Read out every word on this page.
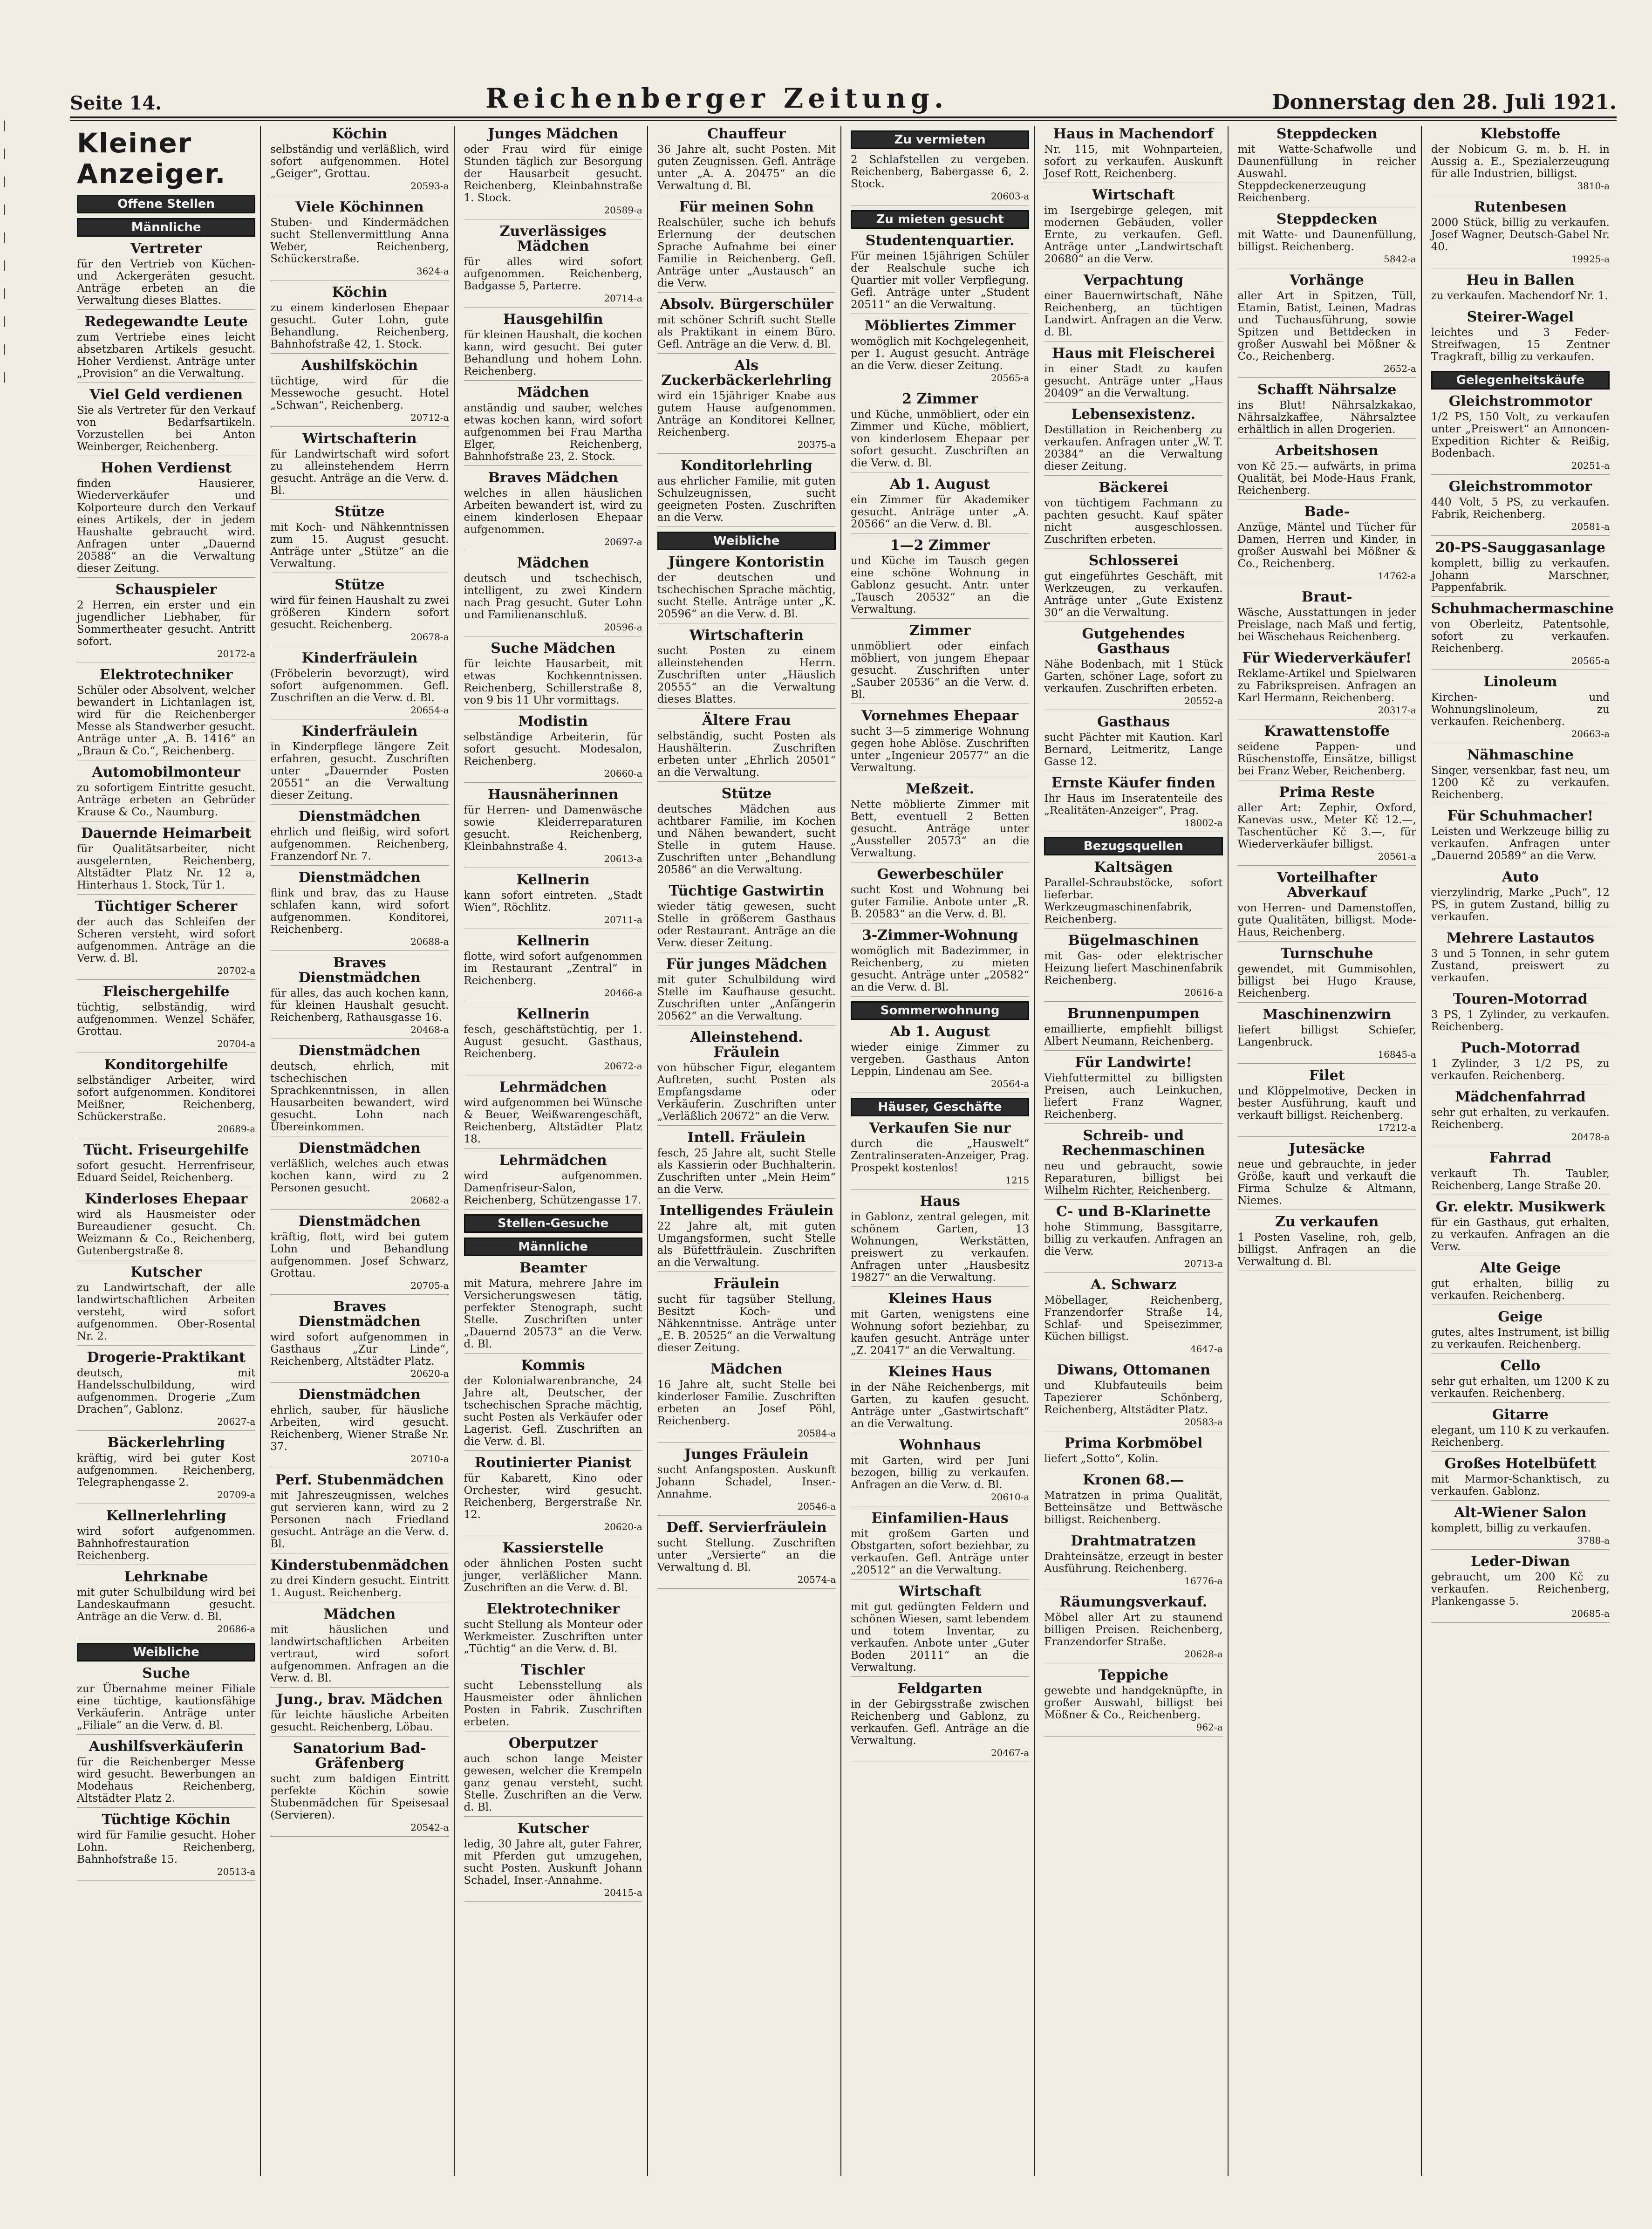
|
|
|
|
|
|
|
|
|
|
Seite 14.	Reichenberger Zeitung.	Donnerstag den 28. Juli 1921.
Kleiner Anzeiger.
Offene Stellen
Männliche
Vertreter

für den Vertrieb von Küchen- und Ackergeräten gesucht. Anträge erbeten an die Verwaltung dieses Blattes.

Redegewandte Leute

zum Vertriebe eines leicht absetzbaren Artikels gesucht. Hoher Verdienst. Anträge unter „Provision“ an die Verwaltung.

Viel Geld verdienen

Sie als Vertreter für den Verkauf von Bedarfsartikeln. Vorzustellen bei Anton Weinberger, Reichenberg.

Hohen Verdienst

finden Hausierer, Wiederverkäufer und Kolporteure durch den Verkauf eines Artikels, der in jedem Haushalte gebraucht wird. Anfragen unter „Dauernd 20588“ an die Verwaltung dieser Zeitung.

Schauspieler

2 Herren, ein erster und ein jugendlicher Liebhaber, für Sommertheater gesucht. Antritt sofort.

20172-a
Elektrotechniker

Schüler oder Absolvent, welcher bewandert in Lichtanlagen ist, wird für die Reichenberger Messe als Standwerber gesucht. Anträge unter „A. B. 1416“ an „Braun & Co.“, Reichenberg.

Automobilmonteur

zu sofortigem Eintritte gesucht. Anträge erbeten an Gebrüder Krause & Co., Naumburg.

Dauernde Heimarbeit

für Qualitätsarbeiter, nicht ausgelernten, Reichenberg, Altstädter Platz Nr. 12 a, Hinterhaus 1. Stock, Tür 1.

Tüchtiger Scherer

der auch das Schleifen der Scheren versteht, wird sofort aufgenommen. Anträge an die Verw. d. Bl.

20702-a
Fleischergehilfe

tüchtig, selbständig, wird aufgenommen. Wenzel Schäfer, Grottau.

20704-a
Konditorgehilfe

selbständiger Arbeiter, wird sofort aufgenommen. Konditorei Meißner, Reichenberg, Schückerstraße.

20689-a
Tücht. Friseurgehilfe

sofort gesucht. Herrenfriseur, Eduard Seidel, Reichenberg.

Kinderloses Ehepaar

wird als Hausmeister oder Bureaudiener gesucht. Ch. Weizmann & Co., Reichenberg, Gutenbergstraße 8.

Kutscher

zu Landwirtschaft, der alle landwirtschaftlichen Arbeiten versteht, wird sofort aufgenommen. Ober-Rosental Nr. 2.

Drogerie-Praktikant

deutsch, mit Handelsschulbildung, wird aufgenommen. Drogerie „Zum Drachen“, Gablonz.

20627-a
Bäckerlehrling

kräftig, wird bei guter Kost aufgenommen. Reichenberg, Telegraphengasse 2.

20709-a
Kellnerlehrling

wird sofort aufgenommen. Bahnhofrestauration Reichenberg.

Lehrknabe

mit guter Schulbildung wird bei Landeskaufmann gesucht. Anträge an die Verw. d. Bl.

20686-a
Weibliche
Suche

zur Übernahme meiner Filiale eine tüchtige, kautionsfähige Verkäuferin. Anträge unter „Filiale“ an die Verw. d. Bl.

Aushilfsverkäuferin

für die Reichenberger Messe wird gesucht. Bewerbungen an Modehaus Reichenberg, Altstädter Platz 2.

Tüchtige Köchin

wird für Familie gesucht. Hoher Lohn. Reichenberg, Bahnhofstraße 15.

20513-a
Köchin

selbständig und verläßlich, wird sofort aufgenommen. Hotel „Geiger“, Grottau.

20593-a
Viele Köchinnen

Stuben- und Kindermädchen sucht Stellenvermittlung Anna Weber, Reichenberg, Schückerstraße.

3624-a
Köchin

zu einem kinderlosen Ehepaar gesucht. Guter Lohn, gute Behandlung. Reichenberg, Bahnhofstraße 42, 1. Stock.

Aushilfsköchin

tüchtige, wird für die Messewoche gesucht. Hotel „Schwan“, Reichenberg.

20712-a
Wirtschafterin

für Landwirtschaft wird sofort zu alleinstehendem Herrn gesucht. Anträge an die Verw. d. Bl.

Stütze

mit Koch- und Nähkenntnissen zum 15. August gesucht. Anträge unter „Stütze“ an die Verwaltung.

Stütze

wird für feinen Haushalt zu zwei größeren Kindern sofort gesucht. Reichenberg.

20678-a
Kinderfräulein

(Fröbelerin bevorzugt), wird sofort aufgenommen. Gefl. Zuschriften an die Verw. d. Bl.

20654-a
Kinderfräulein

in Kinderpflege längere Zeit erfahren, gesucht. Zuschriften unter „Dauernder Posten 20551“ an die Verwaltung dieser Zeitung.

Dienstmädchen

ehrlich und fleißig, wird sofort aufgenommen. Reichenberg, Franzendorf Nr. 7.

Dienstmädchen

flink und brav, das zu Hause schlafen kann, wird sofort aufgenommen. Konditorei, Reichenberg.

20688-a
Braves Dienstmädchen

für alles, das auch kochen kann, für kleinen Haushalt gesucht. Reichenberg, Rathausgasse 16.

20468-a
Dienstmädchen

deutsch, ehrlich, mit tschechischen Sprachkenntnissen, in allen Hausarbeiten bewandert, wird gesucht. Lohn nach Übereinkommen.

Dienstmädchen

verläßlich, welches auch etwas kochen kann, wird zu 2 Personen gesucht.

20682-a
Dienstmädchen

kräftig, flott, wird bei gutem Lohn und Behandlung aufgenommen. Josef Schwarz, Grottau.

20705-a
Braves Dienstmädchen

wird sofort aufgenommen in Gasthaus „Zur Linde“, Reichenberg, Altstädter Platz.

20620-a
Dienstmädchen

ehrlich, sauber, für häusliche Arbeiten, wird gesucht. Reichenberg, Wiener Straße Nr. 37.

20710-a
Perf. Stubenmädchen

mit Jahreszeugnissen, welches gut servieren kann, wird zu 2 Personen nach Friedland gesucht. Anträge an die Verw. d. Bl.

Kinderstubenmädchen

zu drei Kindern gesucht. Eintritt 1. August. Reichenberg.

Mädchen

mit häuslichen und landwirtschaftlichen Arbeiten vertraut, wird sofort aufgenommen. Anfragen an die Verw. d. Bl.

Jung., brav. Mädchen

für leichte häusliche Arbeiten gesucht. Reichenberg, Löbau.

Sanatorium Bad-Gräfenberg

sucht zum baldigen Eintritt perfekte Köchin sowie Stubenmädchen für Speisesaal (Servieren).

20542-a
Junges Mädchen

oder Frau wird für einige Stunden täglich zur Besorgung der Hausarbeit gesucht. Reichenberg, Kleinbahnstraße 1. Stock.

20589-a
Zuverlässiges Mädchen

für alles wird sofort aufgenommen. Reichenberg, Badgasse 5, Parterre.

20714-a
Hausgehilfin

für kleinen Haushalt, die kochen kann, wird gesucht. Bei guter Behandlung und hohem Lohn. Reichenberg.

Mädchen

anständig und sauber, welches etwas kochen kann, wird sofort aufgenommen bei Frau Martha Elger, Reichenberg, Bahnhofstraße 23, 2. Stock.

Braves Mädchen

welches in allen häuslichen Arbeiten bewandert ist, wird zu einem kinderlosen Ehepaar aufgenommen.

20697-a
Mädchen

deutsch und tschechisch, intelligent, zu zwei Kindern nach Prag gesucht. Guter Lohn und Familienanschluß.

20596-a
Suche Mädchen

für leichte Hausarbeit, mit etwas Kochkenntnissen. Reichenberg, Schillerstraße 8, von 9 bis 11 Uhr vormittags.

Modistin

selbständige Arbeiterin, für sofort gesucht. Modesalon, Reichenberg.

20660-a
Hausnäherinnen

für Herren- und Damenwäsche sowie Kleiderreparaturen gesucht. Reichenberg, Kleinbahnstraße 4.

20613-a
Kellnerin

kann sofort eintreten. „Stadt Wien“, Röchlitz.

20711-a
Kellnerin

flotte, wird sofort aufgenommen im Restaurant „Zentral“ in Reichenberg.

20466-a
Kellnerin

fesch, geschäftstüchtig, per 1. August gesucht. Gasthaus, Reichenberg.

20672-a
Lehrmädchen

wird aufgenommen bei Wünsche & Beuer, Weißwarengeschäft, Reichenberg, Altstädter Platz 18.

Lehrmädchen

wird aufgenommen. Damenfriseur-Salon, Reichenberg, Schützengasse 17.

Stellen-Gesuche
Männliche
Beamter

mit Matura, mehrere Jahre im Versicherungswesen tätig, perfekter Stenograph, sucht Stelle. Zuschriften unter „Dauernd 20573“ an die Verw. d. Bl.

Kommis

der Kolonialwarenbranche, 24 Jahre alt, Deutscher, der tschechischen Sprache mächtig, sucht Posten als Verkäufer oder Lagerist. Gefl. Zuschriften an die Verw. d. Bl.

Routinierter Pianist

für Kabarett, Kino oder Orchester, wird gesucht. Reichenberg, Bergerstraße Nr. 12.

20620-a
Kassierstelle

oder ähnlichen Posten sucht junger, verläßlicher Mann. Zuschriften an die Verw. d. Bl.

Elektrotechniker

sucht Stellung als Monteur oder Werkmeister. Zuschriften unter „Tüchtig“ an die Verw. d. Bl.

Tischler

sucht Lebensstellung als Hausmeister oder ähnlichen Posten in Fabrik. Zuschriften erbeten.

Oberputzer

auch schon lange Meister gewesen, welcher die Krempeln ganz genau versteht, sucht Stelle. Zuschriften an die Verw. d. Bl.

Kutscher

ledig, 30 Jahre alt, guter Fahrer, mit Pferden gut umzugehen, sucht Posten. Auskunft Johann Schadel, Inser.-Annahme.

20415-a
Chauffeur

36 Jahre alt, sucht Posten. Mit guten Zeugnissen. Gefl. Anträge unter „A. A. 20475“ an die Verwaltung d. Bl.

Für meinen Sohn

Realschüler, suche ich behufs Erlernung der deutschen Sprache Aufnahme bei einer Familie in Reichenberg. Gefl. Anträge unter „Austausch“ an die Verw.

Absolv. Bürgerschüler

mit schöner Schrift sucht Stelle als Praktikant in einem Büro. Gefl. Anträge an die Verw. d. Bl.

Als Zuckerbäckerlehrling

wird ein 15jähriger Knabe aus gutem Hause aufgenommen. Anträge an Konditorei Kellner, Reichenberg.

20375-a
Konditorlehrling

aus ehrlicher Familie, mit guten Schulzeugnissen, sucht geeigneten Posten. Zuschriften an die Verw.

Weibliche
Jüngere Kontoristin

der deutschen und tschechischen Sprache mächtig, sucht Stelle. Anträge unter „K. 20596“ an die Verw. d. Bl.

Wirtschafterin

sucht Posten zu einem alleinstehenden Herrn. Zuschriften unter „Häuslich 20555“ an die Verwaltung dieses Blattes.

Ältere Frau

selbständig, sucht Posten als Haushälterin. Zuschriften erbeten unter „Ehrlich 20501“ an die Verwaltung.

Stütze

deutsches Mädchen aus achtbarer Familie, im Kochen und Nähen bewandert, sucht Stelle in gutem Hause. Zuschriften unter „Behandlung 20586“ an die Verwaltung.

Tüchtige Gastwirtin

wieder tätig gewesen, sucht Stelle in größerem Gasthaus oder Restaurant. Anträge an die Verw. dieser Zeitung.

Für junges Mädchen

mit guter Schulbildung wird Stelle im Kaufhause gesucht. Zuschriften unter „Anfängerin 20562“ an die Verwaltung.

Alleinstehend. Fräulein

von hübscher Figur, elegantem Auftreten, sucht Posten als Empfangsdame oder Verkäuferin. Zuschriften unter „Verläßlich 20672“ an die Verw.

Intell. Fräulein

fesch, 25 Jahre alt, sucht Stelle als Kassierin oder Buchhalterin. Zuschriften unter „Mein Heim“ an die Verw.

Intelligendes Fräulein

22 Jahre alt, mit guten Umgangsformen, sucht Stelle als Büfettfräulein. Zuschriften an die Verwaltung.

Fräulein

sucht für tagsüber Stellung, Besitzt Koch- und Nähkenntnisse. Anträge unter „E. B. 20525“ an die Verwaltung dieser Zeitung.

Mädchen

16 Jahre alt, sucht Stelle bei kinderloser Familie. Zuschriften erbeten an Josef Pöhl, Reichenberg.

20584-a
Junges Fräulein

sucht Anfangsposten. Auskunft Johann Schadel, Inser.-Annahme.

20546-a
Deff. Servierfräulein

sucht Stellung. Zuschriften unter „Versierte“ an die Verwaltung d. Bl.

20574-a
Zu vermieten

2 Schlafstellen zu vergeben. Reichenberg, Babergasse 6, 2. Stock.

20603-a
Zu mieten gesucht
Studentenquartier.

Für meinen 15jährigen Schüler der Realschule suche ich Quartier mit voller Verpflegung. Gefl. Anträge unter „Student 20511“ an die Verwaltung.

Möbliertes Zimmer

womöglich mit Kochgelegenheit, per 1. August gesucht. Anträge an die Verw. dieser Zeitung.

20565-a
2 Zimmer

und Küche, unmöbliert, oder ein Zimmer und Küche, möbliert, von kinderlosem Ehepaar per sofort gesucht. Zuschriften an die Verw. d. Bl.

Ab 1. August

ein Zimmer für Akademiker gesucht. Anträge unter „A. 20566“ an die Verw. d. Bl.

1—2 Zimmer

und Küche im Tausch gegen eine schöne Wohnung in Gablonz gesucht. Antr. unter „Tausch 20532“ an die Verwaltung.

Zimmer

unmöbliert oder einfach möbliert, von jungem Ehepaar gesucht. Zuschriften unter „Sauber 20536“ an die Verw. d. Bl.

Vornehmes Ehepaar

sucht 3—5 zimmerige Wohnung gegen hohe Ablöse. Zuschriften unter „Ingenieur 20577“ an die Verwaltung.

Meßzeit.

Nette möblierte Zimmer mit Bett, eventuell 2 Betten gesucht. Anträge unter „Aussteller 20573“ an die Verwaltung.

Gewerbeschüler

sucht Kost und Wohnung bei guter Familie. Anbote unter „R. B. 20583“ an die Verw. d. Bl.

3-Zimmer-Wohnung

womöglich mit Badezimmer, in Reichenberg, zu mieten gesucht. Anträge unter „20582“ an die Verw. d. Bl.

Sommerwohnung
Ab 1. August

wieder einige Zimmer zu vergeben. Gasthaus Anton Leppin, Lindenau am See.

20564-a
Häuser, Geschäfte
Verkaufen Sie nur

durch die „Hauswelt“ Zentralinseraten-Anzeiger, Prag. Prospekt kostenlos!

1215
Haus

in Gablonz, zentral gelegen, mit schönem Garten, 13 Wohnungen, Werkstätten, preiswert zu verkaufen. Anfragen unter „Hausbesitz 19827“ an die Verwaltung.

Kleines Haus

mit Garten, wenigstens eine Wohnung sofort beziehbar, zu kaufen gesucht. Anträge unter „Z. 20417“ an die Verwaltung.

Kleines Haus

in der Nähe Reichenbergs, mit Garten, zu kaufen gesucht. Anträge unter „Gastwirtschaft“ an die Verwaltung.

Wohnhaus

mit Garten, wird per Juni bezogen, billig zu verkaufen. Anfragen an die Verw. d. Bl.

20610-a
Einfamilien-Haus

mit großem Garten und Obstgarten, sofort beziehbar, zu verkaufen. Gefl. Anträge unter „20512“ an die Verwaltung.

Wirtschaft

mit gut gedüngten Feldern und schönen Wiesen, samt lebendem und totem Inventar, zu verkaufen. Anbote unter „Guter Boden 20111“ an die Verwaltung.

Feldgarten

in der Gebirgsstraße zwischen Reichenberg und Gablonz, zu verkaufen. Gefl. Anträge an die Verwaltung.

20467-a
Haus in Machendorf

Nr. 115, mit Wohnparteien, sofort zu verkaufen. Auskunft Josef Rott, Reichenberg.

Wirtschaft

im Isergebirge gelegen, mit modernen Gebäuden, voller Ernte, zu verkaufen. Gefl. Anträge unter „Landwirtschaft 20680“ an die Verw.

Verpachtung

einer Bauernwirtschaft, Nähe Reichenberg, an tüchtigen Landwirt. Anfragen an die Verw. d. Bl.

Haus mit Fleischerei

in einer Stadt zu kaufen gesucht. Anträge unter „Haus 20409“ an die Verwaltung.

Lebensexistenz.

Destillation in Reichenberg zu verkaufen. Anfragen unter „W. T. 20384“ an die Verwaltung dieser Zeitung.

Bäckerei

von tüchtigem Fachmann zu pachten gesucht. Kauf später nicht ausgeschlossen. Zuschriften erbeten.

Schlosserei

gut eingeführtes Geschäft, mit Werkzeugen, zu verkaufen. Anträge unter „Gute Existenz 30“ an die Verwaltung.

Gutgehendes Gasthaus

Nähe Bodenbach, mit 1 Stück Garten, schöner Lage, sofort zu verkaufen. Zuschriften erbeten.

20552-a
Gasthaus

sucht Pächter mit Kaution. Karl Bernard, Leitmeritz, Lange Gasse 12.

Ernste Käufer finden

Ihr Haus im Inseratenteile des „Realitäten-Anzeiger“, Prag.

18002-a
Bezugsquellen
Kaltsägen

Parallel-Schraubstöcke, sofort lieferbar. Werkzeugmaschinenfabrik, Reichenberg.

Bügelmaschinen

mit Gas- oder elektrischer Heizung liefert Maschinenfabrik Reichenberg.

20616-a
Brunnenpumpen

emaillierte, empfiehlt billigst Albert Neumann, Reichenberg.

Für Landwirte!

Viehfuttermittel zu billigsten Preisen, auch Leinkuchen, liefert Franz Wagner, Reichenberg.

Schreib- und Rechenmaschinen

neu und gebraucht, sowie Reparaturen, billigst bei Wilhelm Richter, Reichenberg.

C- und B-Klarinette

hohe Stimmung, Bassgitarre, billig zu verkaufen. Anfragen an die Verw.

20713-a
A. Schwarz

Möbellager, Reichenberg, Franzendorfer Straße 14, Schlaf- und Speisezimmer, Küchen billigst.

4647-a
Diwans, Ottomanen

und Klubfauteuils beim Tapezierer Schönberg, Reichenberg, Altstädter Platz.

20583-a
Prima Korbmöbel

liefert „Sotto“, Kolin.

Kronen 68.—

Matratzen in prima Qualität, Betteinsätze und Bettwäsche billigst. Reichenberg.

Drahtmatratzen

Drahteinsätze, erzeugt in bester Ausführung. Reichenberg.

16776-a
Räumungsverkauf.

Möbel aller Art zu staunend billigen Preisen. Reichenberg, Franzendorfer Straße.

20628-a
Teppiche

gewebte und handgeknüpfte, in großer Auswahl, billigst bei Mößner & Co., Reichenberg.

962-a
Steppdecken

mit Watte-Schafwolle und Daunenfüllung in reicher Auswahl. Steppdeckenerzeugung Reichenberg.

Steppdecken

mit Watte- und Daunenfüllung, billigst. Reichenberg.

5842-a
Vorhänge

aller Art in Spitzen, Tüll, Etamin, Batist, Leinen, Madras und Tuchausführung, sowie Spitzen und Bettdecken in großer Auswahl bei Mößner & Co., Reichenberg.

2652-a
Schafft Nährsalze

ins Blut! Nährsalzkakao, Nährsalzkaffee, Nährsalztee erhältlich in allen Drogerien.

Arbeitshosen

von Kč 25.— aufwärts, in prima Qualität, bei Mode-Haus Frank, Reichenberg.

Bade-

Anzüge, Mäntel und Tücher für Damen, Herren und Kinder, in großer Auswahl bei Mößner & Co., Reichenberg.

14762-a
Braut-

Wäsche, Ausstattungen in jeder Preislage, nach Maß und fertig, bei Wäschehaus Reichenberg.

Für Wiederverkäufer!

Reklame-Artikel und Spielwaren zu Fabrikspreisen. Anfragen an Karl Hermann, Reichenberg.

20317-a
Krawattenstoffe

seidene Pappen- und Rüschenstoffe, Einsätze, billigst bei Franz Weber, Reichenberg.

Prima Reste

aller Art: Zephir, Oxford, Kanevas usw., Meter Kč 12.—, Taschentücher Kč 3.—, für Wiederverkäufer billigst.

20561-a
Vorteilhafter Abverkauf

von Herren- und Damenstoffen, gute Qualitäten, billigst. Mode-Haus, Reichenberg.

Turnschuhe

gewendet, mit Gummisohlen, billigst bei Hugo Krause, Reichenberg.

Maschinenzwirn

liefert billigst Schiefer, Langenbruck.

16845-a
Filet

und Klöppelmotive, Decken in bester Ausführung, kauft und verkauft billigst. Reichenberg.

17212-a
Jutesäcke

neue und gebrauchte, in jeder Größe, kauft und verkauft die Firma Schulze & Altmann, Niemes.

Zu verkaufen

1 Posten Vaseline, roh, gelb, billigst. Anfragen an die Verwaltung d. Bl.

Klebstoffe

der Nobicum G. m. b. H. in Aussig a. E., Spezialerzeugung für alle Industrien, billigst.

3810-a
Rutenbesen

2000 Stück, billig zu verkaufen. Josef Wagner, Deutsch-Gabel Nr. 40.

19925-a
Heu in Ballen

zu verkaufen. Machendorf Nr. 1.

Steirer-Wagel

leichtes und 3 Feder-Streifwagen, 15 Zentner Tragkraft, billig zu verkaufen.

Gelegenheitskäufe
Gleichstrommotor

1/2 PS, 150 Volt, zu verkaufen unter „Preiswert“ an Annoncen-Expedition Richter & Reißig, Bodenbach.

20251-a
Gleichstrommotor

440 Volt, 5 PS, zu verkaufen. Fabrik, Reichenberg.

20581-a
20-PS-Sauggasanlage

komplett, billig zu verkaufen. Johann Marschner, Pappenfabrik.

Schuhmachermaschine

von Oberleitz, Patentsohle, sofort zu verkaufen. Reichenberg.

20565-a
Linoleum

Kirchen- und Wohnungslinoleum, zu verkaufen. Reichenberg.

20663-a
Nähmaschine

Singer, versenkbar, fast neu, um 1200 Kč zu verkaufen. Reichenberg.

Für Schuhmacher!

Leisten und Werkzeuge billig zu verkaufen. Anfragen unter „Dauernd 20589“ an die Verw.

Auto

vierzylindrig, Marke „Puch“, 12 PS, in gutem Zustand, billig zu verkaufen.

Mehrere Lastautos

3 und 5 Tonnen, in sehr gutem Zustand, preiswert zu verkaufen.

Touren-Motorrad

3 PS, 1 Zylinder, zu verkaufen. Reichenberg.

Puch-Motorrad

1 Zylinder, 3 1/2 PS, zu verkaufen. Reichenberg.

Mädchenfahrrad

sehr gut erhalten, zu verkaufen. Reichenberg.

20478-a
Fahrrad

verkauft Th. Taubler, Reichenberg, Lange Straße 20.

Gr. elektr. Musikwerk

für ein Gasthaus, gut erhalten, zu verkaufen. Anfragen an die Verw.

Alte Geige

gut erhalten, billig zu verkaufen. Reichenberg.

Geige

gutes, altes Instrument, ist billig zu verkaufen. Reichenberg.

Cello

sehr gut erhalten, um 1200 K zu verkaufen. Reichenberg.

Gitarre

elegant, um 110 K zu verkaufen. Reichenberg.

Großes Hotelbüfett

mit Marmor-Schanktisch, zu verkaufen. Gablonz.

Alt-Wiener Salon

komplett, billig zu verkaufen.

3788-a
Leder-Diwan

gebraucht, um 200 Kč zu verkaufen. Reichenberg, Plankengasse 5.

20685-a
